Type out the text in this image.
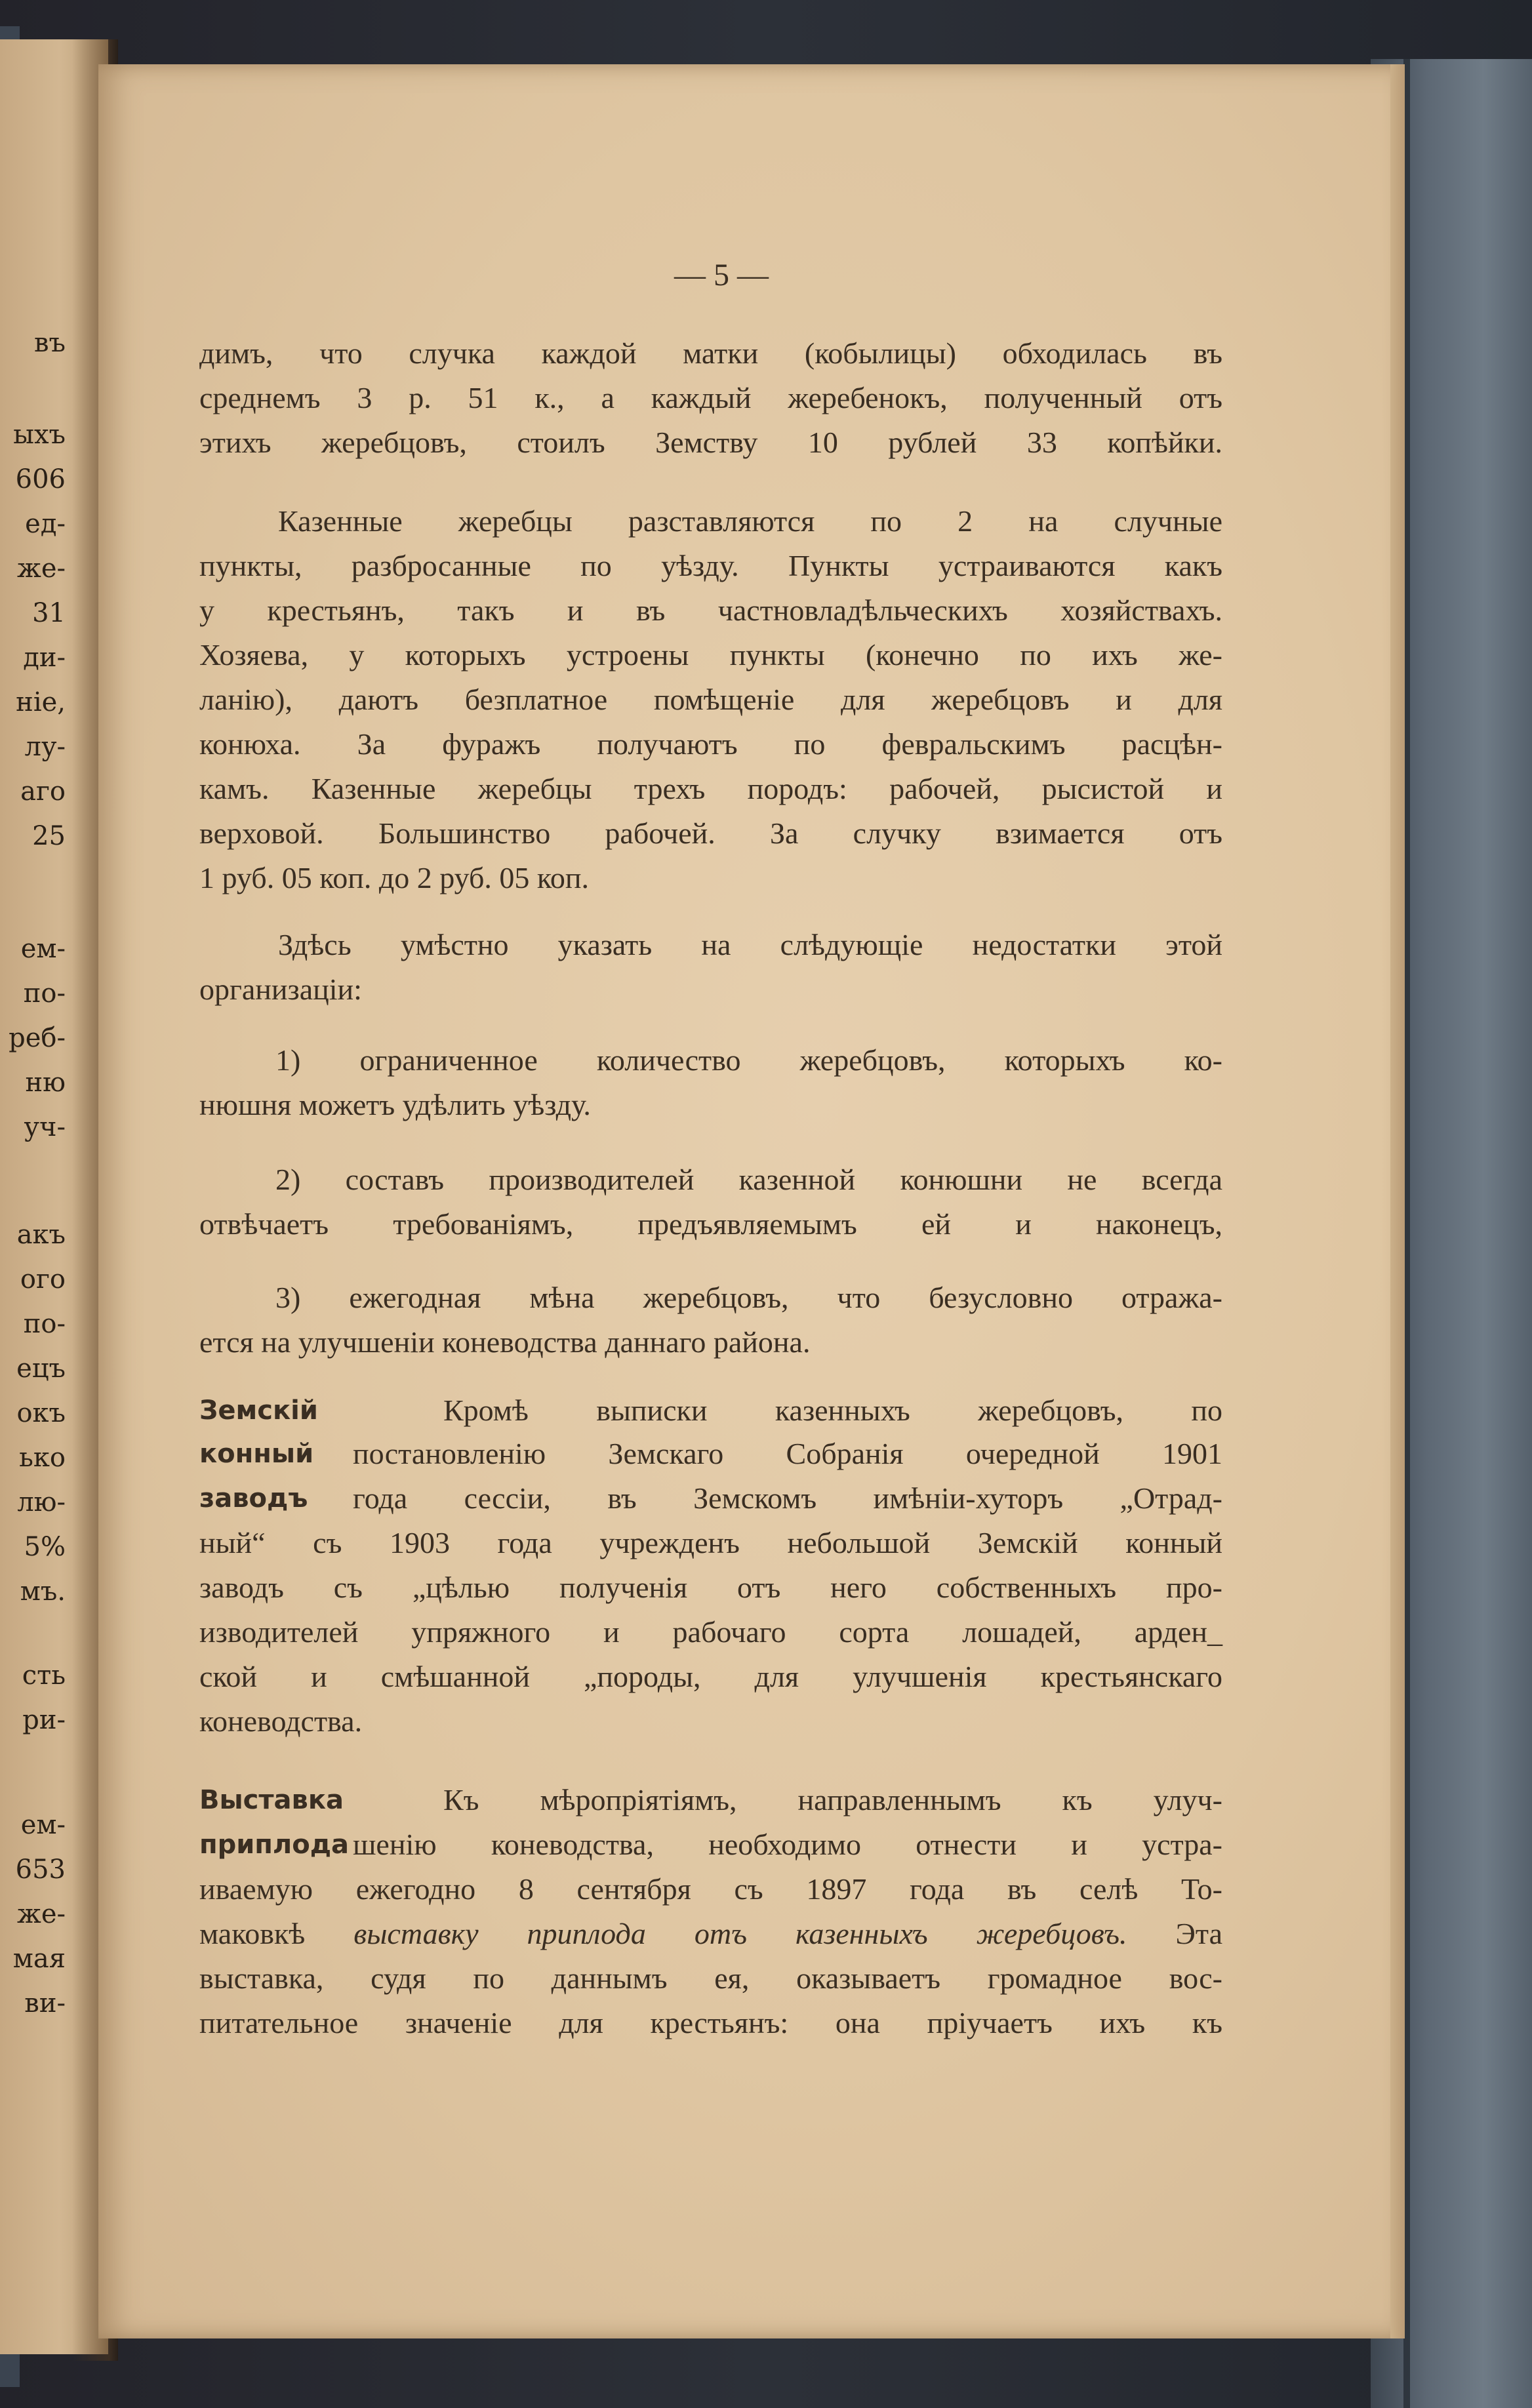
въ
ыхъ
606
ед-
же-
31
ди-
ніе,
лу-
аго
25
ем-
по-
реб-
ню
уч-
акъ
ого
по-
ецъ
окъ
ько
лю-
5%
мъ.
сть
ри-
ем-
653
же-
мая
ви-
— 5 —
димъ, что случка каждой матки (кобылицы) обходилась въ
среднемъ 3 р. 51 к., а каждый жеребенокъ, полученный отъ
этихъ жеребцовъ, стоилъ Земству 10 рублей 33 копѣйки.
Казенные жеребцы разставляются по 2 на случные
пункты, разбросанные по уѣзду. Пункты устраиваются какъ
у крестьянъ, такъ и въ частновладѣльческихъ хозяйствахъ.
Хозяева, у которыхъ устроены пункты (конечно по ихъ же-
ланію), даютъ безплатное помѣщеніе для жеребцовъ и для
конюха. За фуражъ получаютъ по февральскимъ расцѣн-
камъ. Казенные жеребцы трехъ породъ: рабочей, рысистой и
верховой. Большинство рабочей. За случку взимается отъ
1 руб. 05 коп. до 2 руб. 05 коп.
Здѣсь умѣстно указать на слѣдующіе недостатки этой
организаціи:
1) ограниченное количество жеребцовъ, которыхъ ко-
нюшня можетъ удѣлить уѣзду.
2) составъ производителей казенной конюшни не всегда
отвѣчаетъ требованіямъ, предъявляемымъ ей и наконецъ,
3) ежегодная мѣна жеребцовъ, что безусловно отража-
ется на улучшеніи коневодства даннаго района.
Кромѣ выписки казенныхъ жеребцовъ, по
постановленію Земскаго Собранія очередной 1901
года сессіи, въ Земскомъ имѣніи-хуторъ „Отрад-
ный“ съ 1903 года учрежденъ небольшой Земскій конный
заводъ съ „цѣлью полученія отъ него собственныхъ про-
изводителей упряжного и рабочаго сорта лошадей, арден_
ской и смѣшанной „породы, для улучшенія крестьянскаго
коневодства.
Къ мѣропріятіямъ, направленнымъ къ улуч-
шенію коневодства, необходимо отнести и устра-
иваемую ежегодно 8 сентября съ 1897 года въ селѣ То-
маковкѣ выставку приплода отъ казенныхъ жеребцовъ. Эта
выставка, судя по даннымъ ея, оказываетъ громадное вос-
питательное значеніе для крестьянъ: она пріучаетъ ихъ къ
Земскій
конный
заводъ
Выставка
приплода
